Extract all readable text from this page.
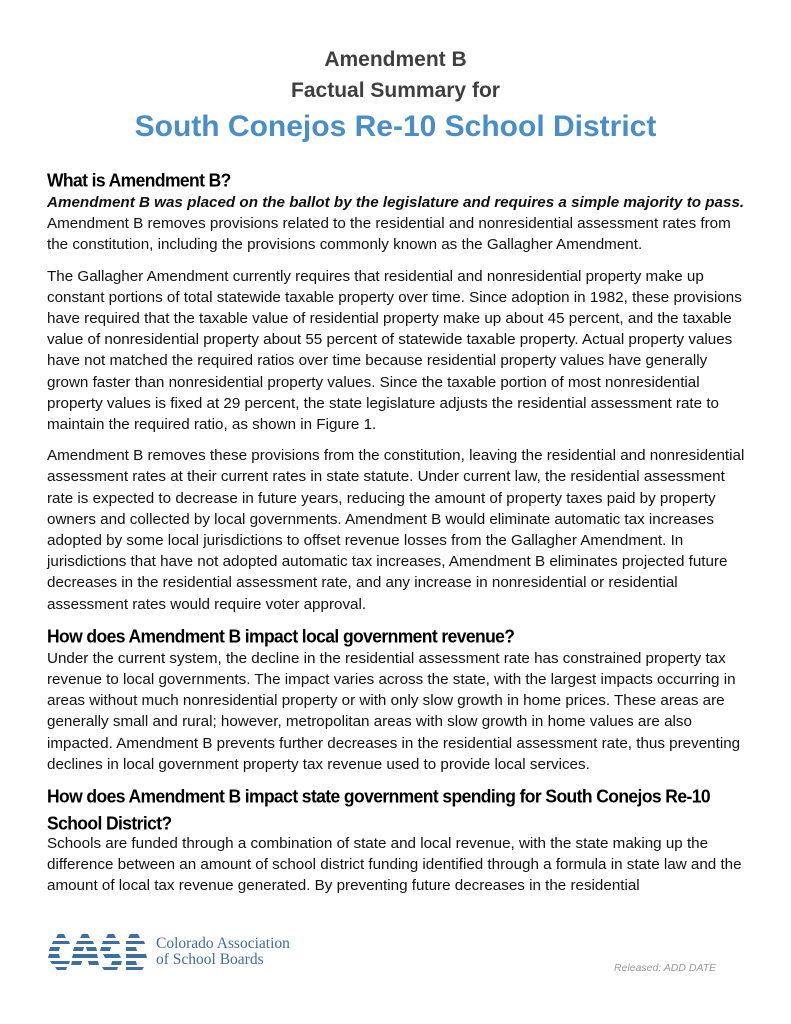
Amendment B
Factual Summary for
South Conejos Re-10 School District
What is Amendment B?

Amendment B was placed on the ballot by the legislature and requires a simple majority to pass. Amendment B removes provisions related to the residential and nonresidential assessment rates from the constitution, including the provisions commonly known as the Gallagher Amendment.

The Gallagher Amendment currently requires that residential and nonresidential property make up constant portions of total statewide taxable property over time. Since adoption in 1982, these provisions have required that the taxable value of residential property make up about 45 percent, and the taxable value of nonresidential property about 55 percent of statewide taxable property. Actual property values have not matched the required ratios over time because residential property values have generally grown faster than nonresidential property values. Since the taxable portion of most nonresidential property values is fixed at 29 percent, the state legislature adjusts the residential assessment rate to maintain the required ratio, as shown in Figure 1.

Amendment B removes these provisions from the constitution, leaving the residential and nonresidential assessment rates at their current rates in state statute. Under current law, the residential assessment rate is expected to decrease in future years, reducing the amount of property taxes paid by property owners and collected by local governments. Amendment B would eliminate automatic tax increases adopted by some local jurisdictions to offset revenue losses from the Gallagher Amendment. In jurisdictions that have not adopted automatic tax increases, Amendment B eliminates projected future decreases in the residential assessment rate, and any increase in nonresidential or residential assessment rates would require voter approval.

How does Amendment B impact local government revenue?

Under the current system, the decline in the residential assessment rate has constrained property tax revenue to local governments. The impact varies across the state, with the largest impacts occurring in areas without much nonresidential property or with only slow growth in home prices. These areas are generally small and rural; however, metropolitan areas with slow growth in home values are also impacted. Amendment B prevents further decreases in the residential assessment rate, thus preventing declines in local government property tax revenue used to provide local services.

How does Amendment B impact state government spending for South Conejos Re-10 School District?

Schools are funded through a combination of state and local revenue, with the state making up the difference between an amount of school district funding identified through a formula in state law and the amount of local tax revenue generated. By preventing future decreases in the residential

Colorado Association
of School Boards	Released: ADD DATE
